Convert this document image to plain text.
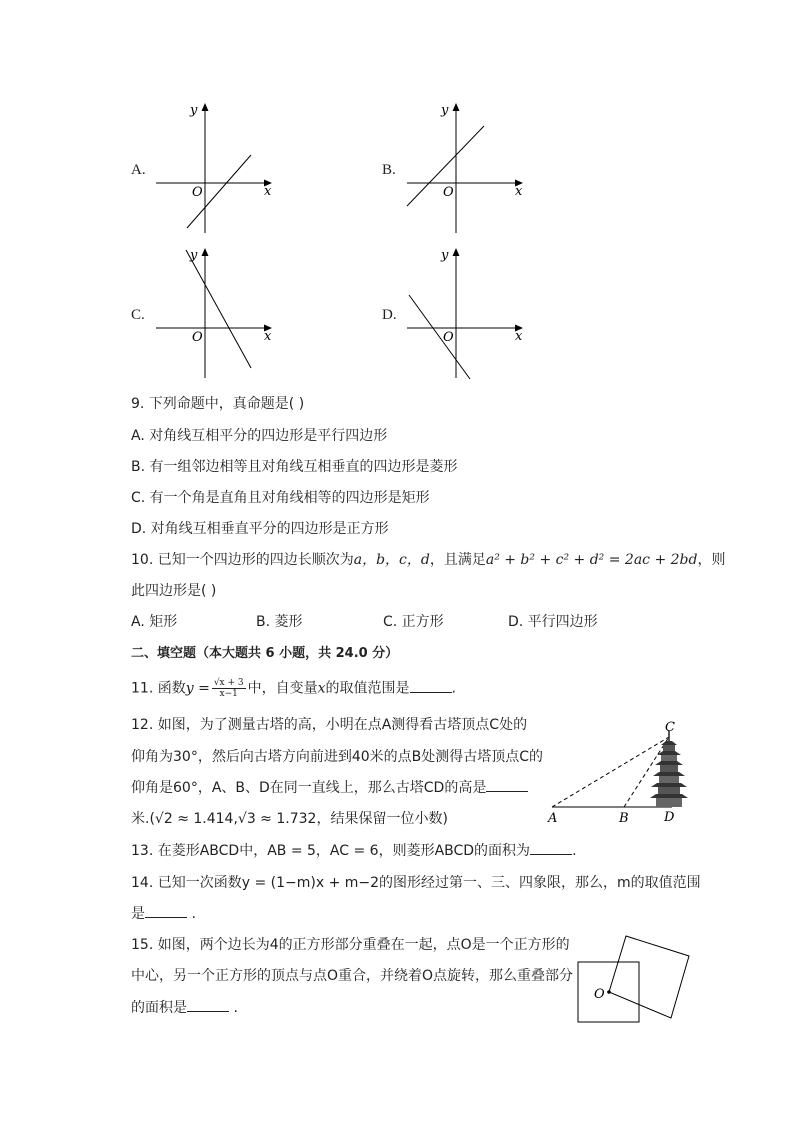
A.	B.
C.	D.
y
x
O
y
x
O
y
x
O
y
x
O
9. 下列命题中，真命题是( )
A. 对角线互相平分的四边形是平行四边形
B. 有一组邻边相等且对角线互相垂直的四边形是菱形
C. 有一个角是直角且对角线相等的四边形是矩形
D. 对角线互相垂直平分的四边形是正方形
10. 已知一个四边形的四边长顺次为a，b，c，d，且满足a² + b² + c² + d² = 2ac + 2bd，则
此四边形是( )
A. 矩形	B. 菱形	C. 正方形	D. 平行四边形
二、填空题（本大题共 6 小题，共 24.0 分）
11. 函数$y = \frac{√x + 3}{x-1}$ 中，自变量x的取值范围是	.
12. 如图，为了测量古塔的高，小明在点A测得看古塔顶点C处的
仰角为30°，然后向古塔方向前进到40米的点B处测得古塔顶点C的
仰角是60°，A、B、D在同一直线上，那么古塔CD的高是
米.(√2 ≈ 1.414,√3 ≈ 1.732，结果保留一位小数)
C
A	B	D
13. 在菱形ABCD中，AB = 5，AC = 6，则菱形ABCD的面积为	.
14. 已知一次函数y = (1−m)x + m−2的图形经过第一、三、四象限，那么，m的取值范围
是	.
15. 如图，两个边长为4的正方形部分重叠在一起，点O是一个正方形的
中心，另一个正方形的顶点与点O重合，并绕着O点旋转，那么重叠部分
的面积是	.
O
